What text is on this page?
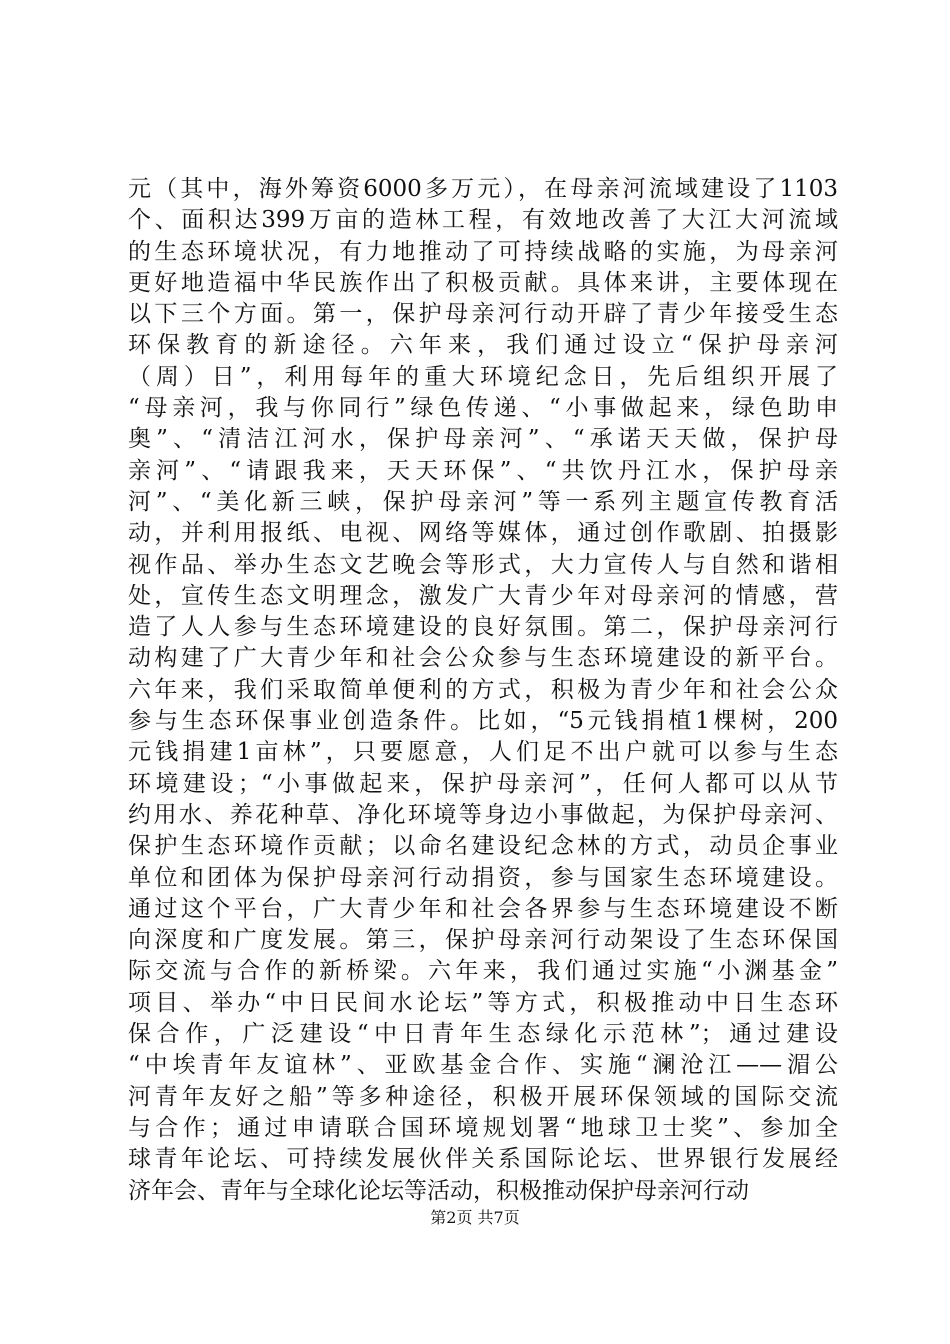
元（其中，海外筹资6000多万元），在母亲河流域建设了1103
个、面积达399万亩的造林工程，有效地改善了大江大河流域
的生态环境状况，有力地推动了可持续战略的实施，为母亲河
更好地造福中华民族作出了积极贡献。具体来讲，主要体现在
以下三个方面。第一，保护母亲河行动开辟了青少年接受生态
环保教育的新途径。六年来，我们通过设立“保护母亲河
（周）日”，利用每年的重大环境纪念日，先后组织开展了
“母亲河，我与你同行”绿色传递、“小事做起来，绿色助申
奥”、“清洁江河水，保护母亲河”、“承诺天天做，保护母
亲河”、“请跟我来，天天环保”、“共饮丹江水，保护母亲
河”、“美化新三峡，保护母亲河”等一系列主题宣传教育活
动，并利用报纸、电视、网络等媒体，通过创作歌剧、拍摄影
视作品、举办生态文艺晚会等形式，大力宣传人与自然和谐相
处，宣传生态文明理念，激发广大青少年对母亲河的情感，营
造了人人参与生态环境建设的良好氛围。第二，保护母亲河行
动构建了广大青少年和社会公众参与生态环境建设的新平台。
六年来，我们采取简单便利的方式，积极为青少年和社会公众
参与生态环保事业创造条件。比如，“5元钱捐植1棵树，200
元钱捐建1亩林”，只要愿意，人们足不出户就可以参与生态
环境建设；“小事做起来，保护母亲河”，任何人都可以从节
约用水、养花种草、净化环境等身边小事做起，为保护母亲河、
保护生态环境作贡献；以命名建设纪念林的方式，动员企事业
单位和团体为保护母亲河行动捐资，参与国家生态环境建设。
通过这个平台，广大青少年和社会各界参与生态环境建设不断
向深度和广度发展。第三，保护母亲河行动架设了生态环保国
际交流与合作的新桥梁。六年来，我们通过实施“小渊基金”
项目、举办“中日民间水论坛”等方式，积极推动中日生态环
保合作，广泛建设“中日青年生态绿化示范林”；通过建设
“中埃青年友谊林”、亚欧基金合作、实施“澜沧江——湄公
河青年友好之船”等多种途径，积极开展环保领域的国际交流
与合作；通过申请联合国环境规划署“地球卫士奖”、参加全
球青年论坛、可持续发展伙伴关系国际论坛、世界银行发展经
济年会、青年与全球化论坛等活动，积极推动保护母亲河行动
第2页 共7页
